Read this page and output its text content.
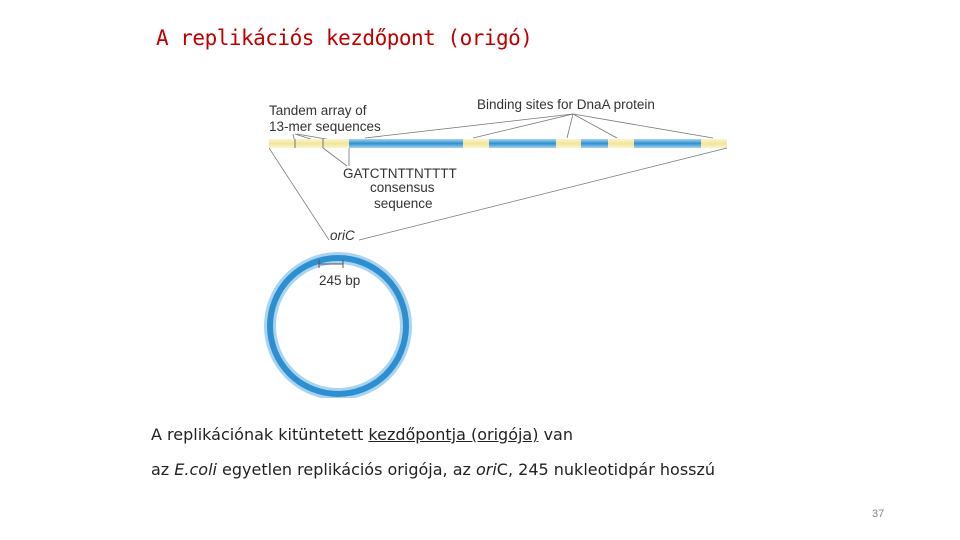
A replikációs kezdőpont (origó)
Tandem array of
13-mer sequences
Binding sites for DnaA protein
GATCTNTTNTTTT
consensus
sequence
oriC
245 bp
A replikációnak kitüntetett kezdőpontja (origója) van
az E.coli egyetlen replikációs origója, az oriC, 245 nukleotidpár hosszú
37
